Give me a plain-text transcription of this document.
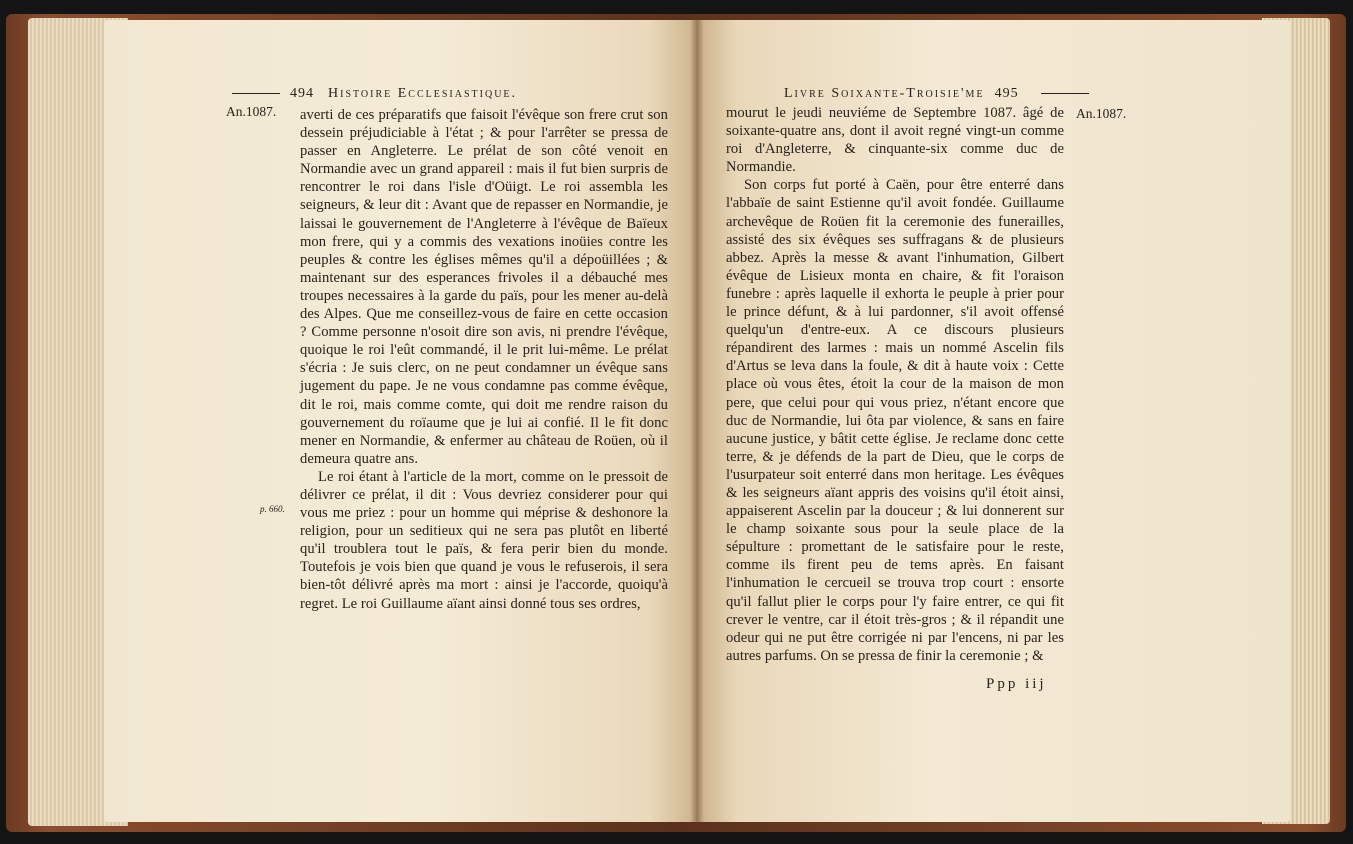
494 Histoire Ecclesiastique.
An.1087.
p. 660.

averti de ces préparatifs que faisoit l'évêque son frere crut son dessein préjudiciable à l'état ; & pour l'arrêter se pressa de passer en Angleterre. Le prélat de son côté venoit en Normandie avec un grand appareil : mais il fut bien surpris de rencontrer le roi dans l'isle d'Oüigt. Le roi assembla les seigneurs, & leur dit : Avant que de repasser en Normandie, je laissai le gouvernement de l'Angleterre à l'évêque de Baïeux mon frere, qui y a commis des vexations inoüies contre les peuples & contre les églises mêmes qu'il a dépoüillées ; & maintenant sur des esperances frivoles il a débauché mes troupes necessaires à la garde du païs, pour les mener au-delà des Alpes. Que me conseillez-vous de faire en cette occasion ? Comme personne n'osoit dire son avis, ni prendre l'évêque, quoique le roi l'eût commandé, il le prit lui-même. Le prélat s'écria : Je suis clerc, on ne peut condamner un évêque sans jugement du pape. Je ne vous condamne pas comme évêque, dit le roi, mais comme comte, qui doit me rendre raison du gouvernement du roïaume que je lui ai confié. Il le fit donc mener en Normandie, & enfermer au château de Roüen, où il demeura quatre ans.

Le roi étant à l'article de la mort, comme on le pressoit de délivrer ce prélat, il dit : Vous devriez considerer pour qui vous me priez : pour un homme qui méprise & deshonore la religion, pour un seditieux qui ne sera pas plutôt en liberté qu'il troublera tout le païs, & fera perir bien du monde. Toutefois je vois bien que quand je vous le refuserois, il sera bien-tôt délivré après ma mort : ainsi je l'accorde, quoiqu'à regret. Le roi Guillaume aïant ainsi donné tous ses ordres,

Livre Soixante-Troisie'me 495
An.1087.

mourut le jeudi neuviéme de Septembre 1087. âgé de soixante-quatre ans, dont il avoit regné vingt-un comme roi d'Angleterre, & cinquante-six comme duc de Normandie.

Son corps fut porté à Caën, pour être enterré dans l'abbaïe de saint Estienne qu'il avoit fondée. Guillaume archevêque de Roüen fit la ceremonie des funerailles, assisté des six évêques ses suffragans & de plusieurs abbez. Après la messe & avant l'inhumation, Gilbert évêque de Lisieux monta en chaire, & fit l'oraison funebre : après laquelle il exhorta le peuple à prier pour le prince défunt, & à lui pardonner, s'il avoit offensé quelqu'un d'entre-eux. A ce discours plusieurs répandirent des larmes : mais un nommé Ascelin fils d'Artus se leva dans la foule, & dit à haute voix : Cette place où vous êtes, étoit la cour de la maison de mon pere, que celui pour qui vous priez, n'étant encore que duc de Normandie, lui ôta par violence, & sans en faire aucune justice, y bâtit cette église. Je reclame donc cette terre, & je défends de la part de Dieu, que le corps de l'usurpateur soit enterré dans mon heritage. Les évêques & les seigneurs aïant appris des voisins qu'il étoit ainsi, appaiserent Ascelin par la douceur ; & lui donnerent sur le champ soixante sous pour la seule place de la sépulture : promettant de le satisfaire pour le reste, comme ils firent peu de tems après. En faisant l'inhumation le cercueil se trouva trop court : ensorte qu'il fallut plier le corps pour l'y faire entrer, ce qui fit crever le ventre, car il étoit très-gros ; & il répandit une odeur qui ne put être corrigée ni par l'encens, ni par les autres parfums. On se pressa de finir la ceremonie ; &

Ppp iij
